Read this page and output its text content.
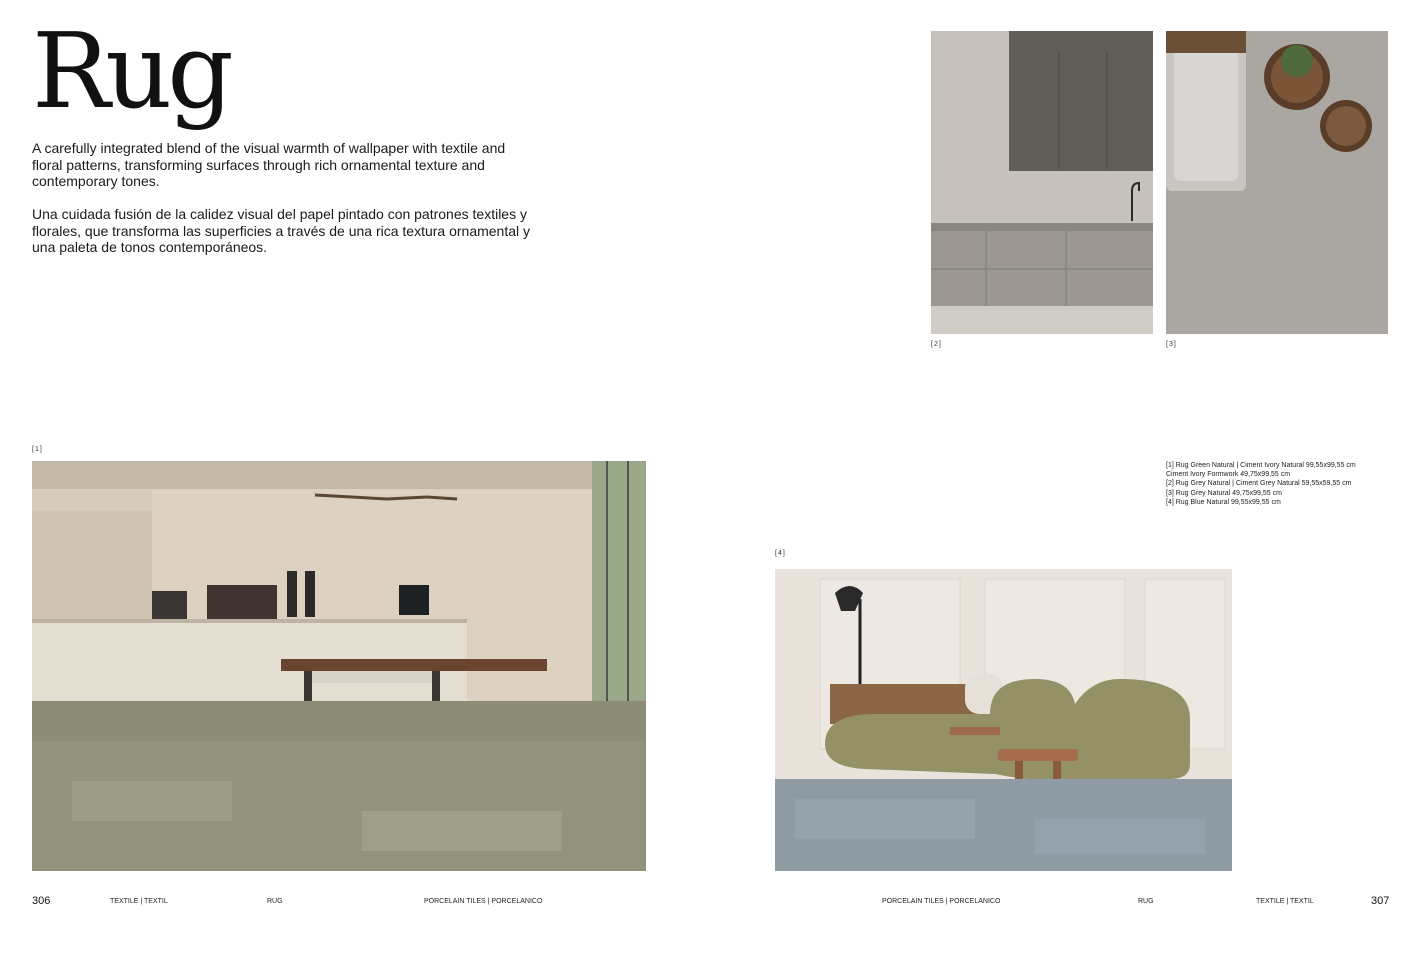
Rug

A carefully integrated blend of the visual warmth of wallpaper with textile and floral patterns, transforming surfaces through rich ornamental texture and contemporary tones.

Una cuidada fusión de la calidez visual del papel pintado con patrones textiles y florales, que transforma las superficies a través de una rica textura ornamental y una paleta de tonos contemporáneos.

[2]	[3]
[1]
[1] Rug Green Natural | Ciment Ivory Natural 99,55x99,55 cm
Ciment Ivory Formwork 49,75x99,55 cm
[2] Rug Grey Natural | Ciment Grey Natural 59,55x59,55 cm
[3] Rug Grey Natural 49,75x99,55 cm
[4] Rug Blue Natural 99,55x99,55 cm
[4]
306	TEXTILE | TEXTIL	RUG	PORCELAIN TILES | PORCELANICO	PORCELAIN TILES | PORCELANICO	RUG	TEXTILE | TEXTIL	307
